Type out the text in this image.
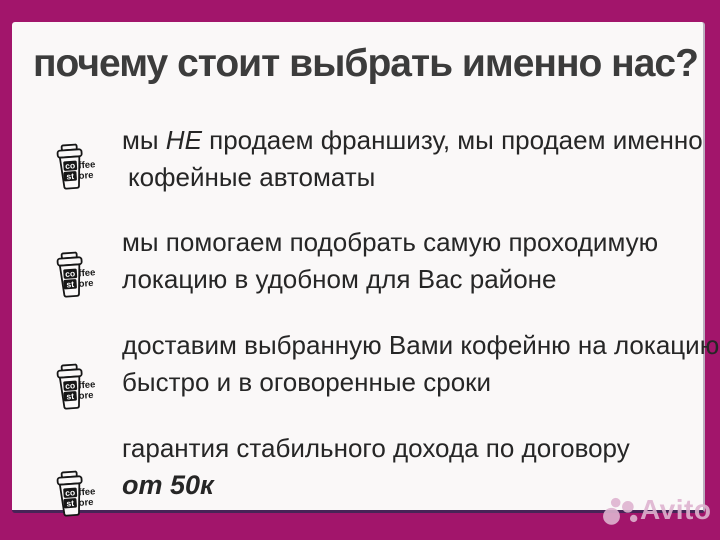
почему стоит выбрать именно нас?
co
st
ffee
ore
мы НЕ продаем франшизу, мы продаем именно
кофейные автоматы
co
st
ffee
ore
мы помогаем подобрать самую проходимую
локацию в удобном для Вас районе
co
st
ffee
ore
доставим выбранную Вами кофейню на локацию
быстро и в оговоренные сроки
co
st
ffee
ore
гарантия стабильного дохода по договору
от 50к
Avito
